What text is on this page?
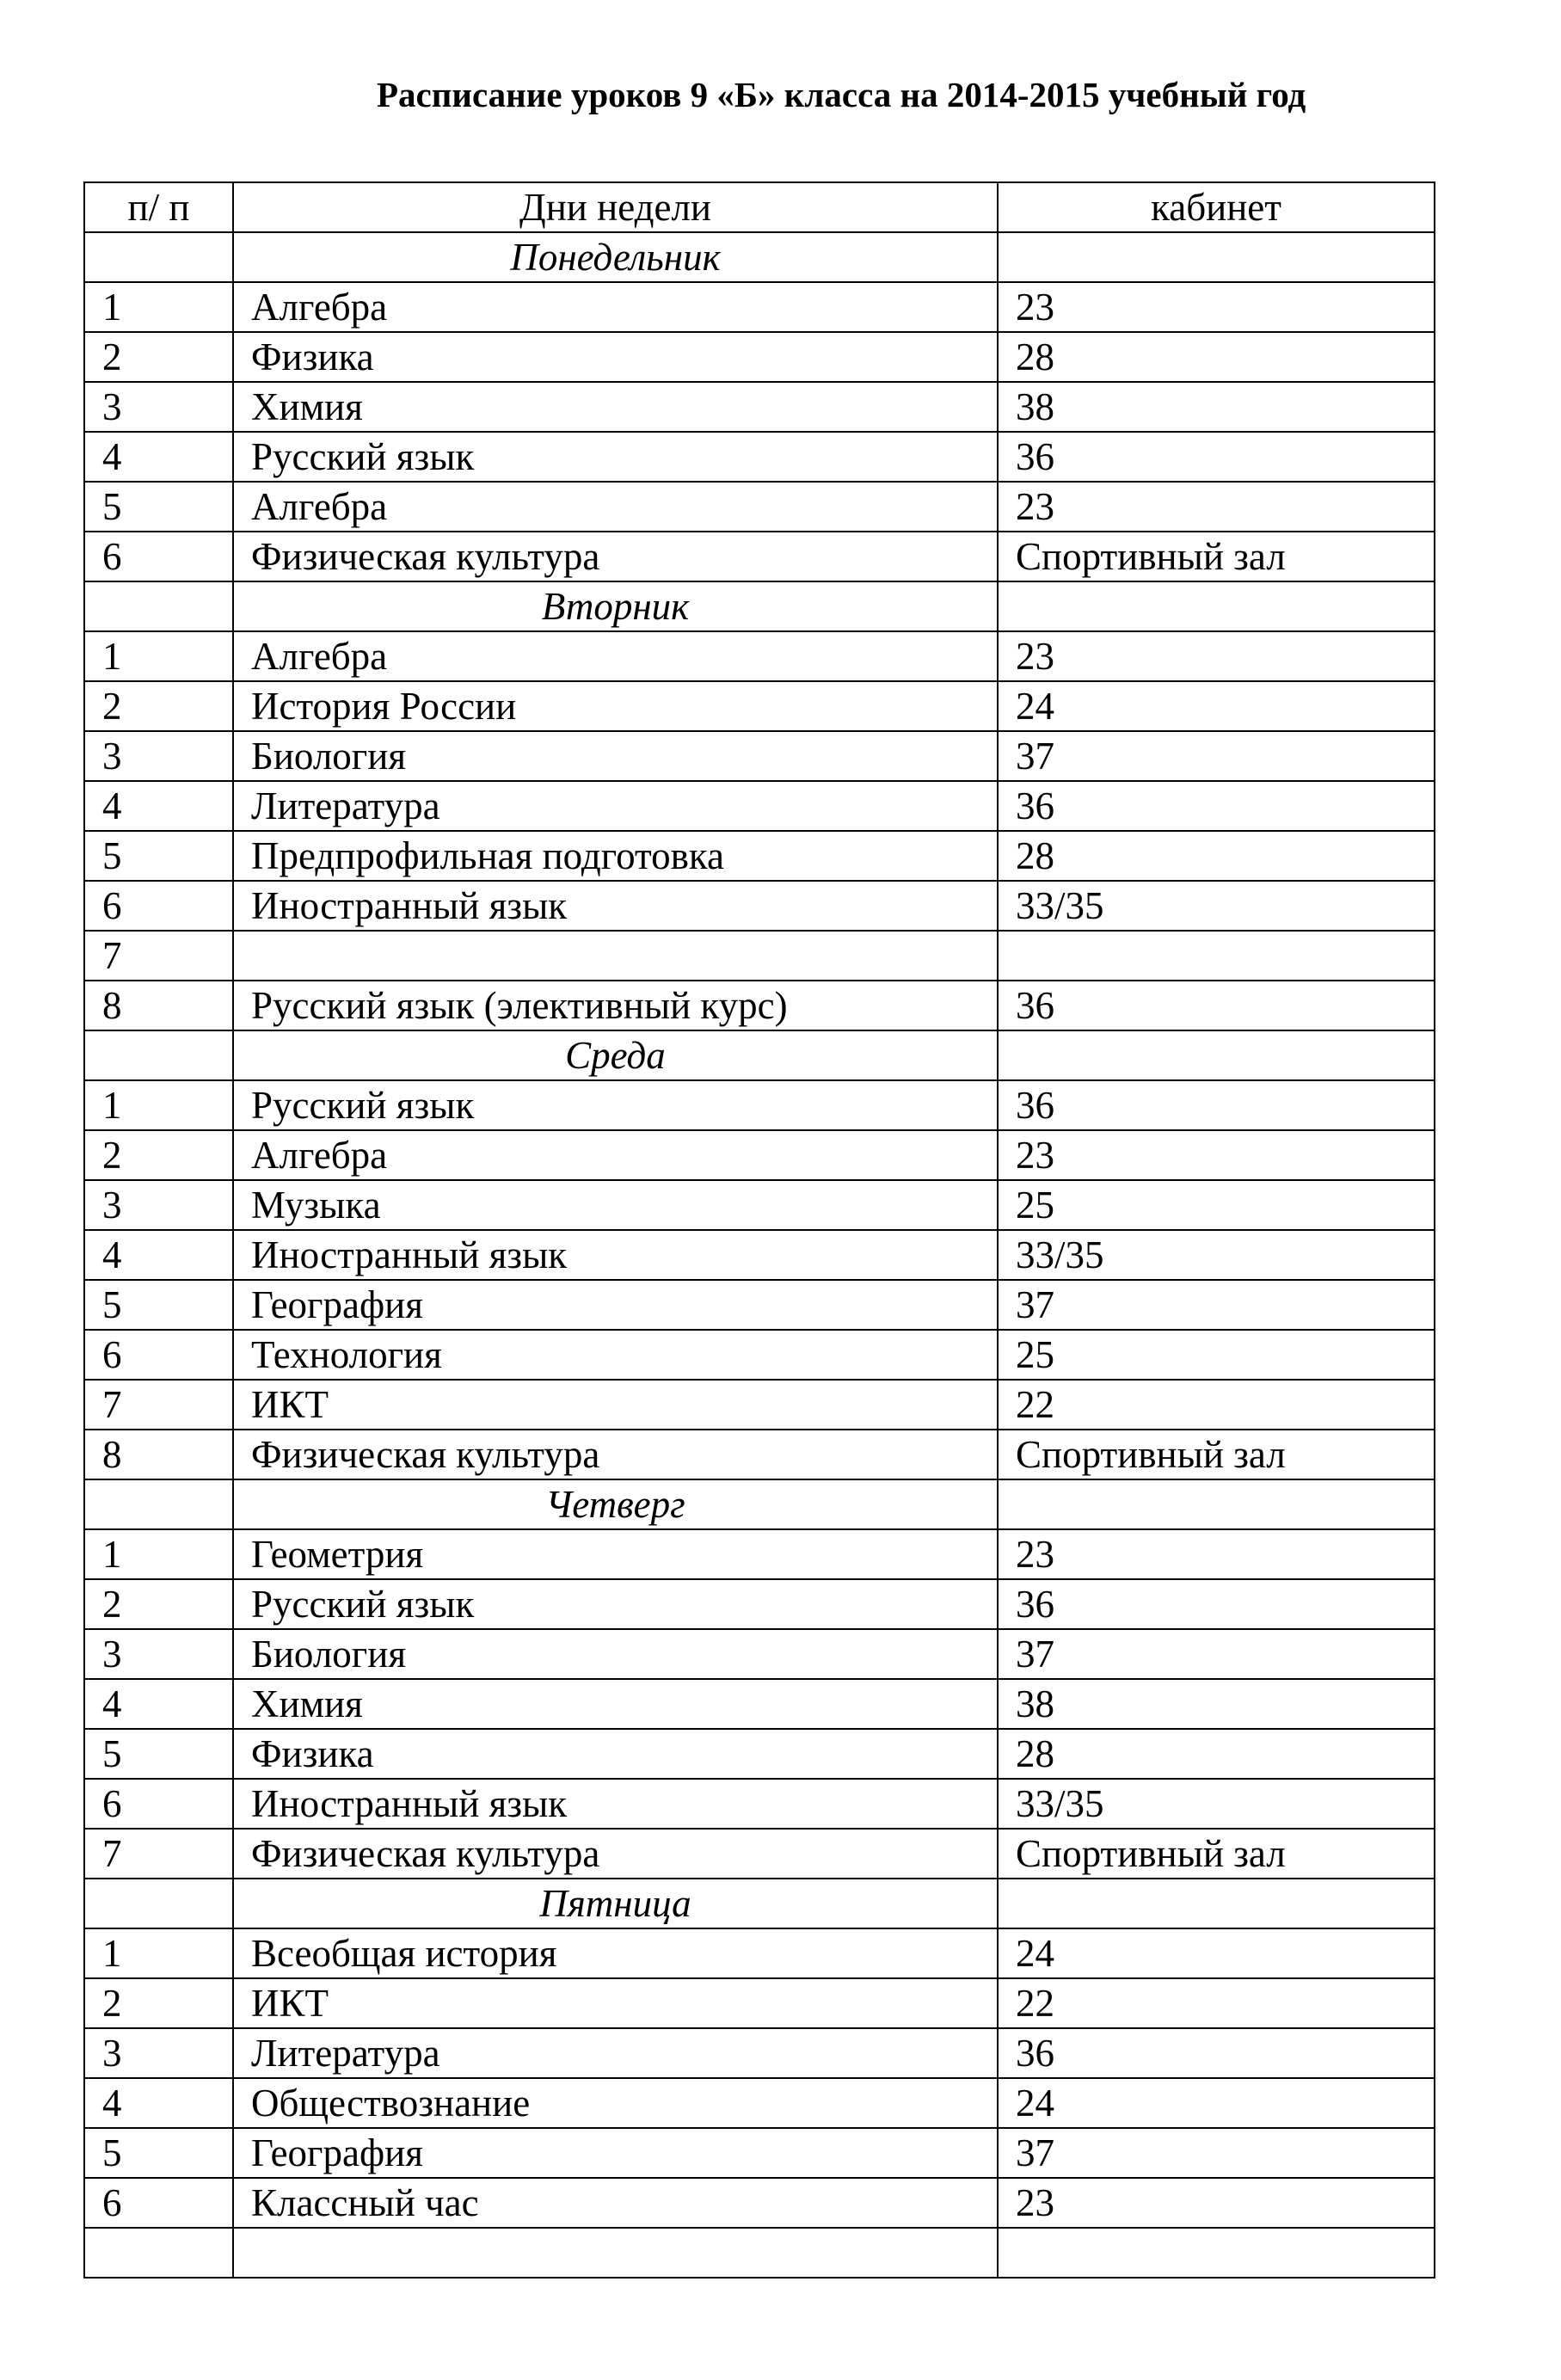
Расписание уроков 9 «Б» класса на 2014-2015 учебный год
п/ п	Дни недели	кабинет
	Понедельник	
1	Алгебра	23
2	Физика	28
3	Химия	38
4	Русский язык	36
5	Алгебра	23
6	Физическая культура	Спортивный зал
	Вторник	
1	Алгебра	23
2	История России	24
3	Биология	37
4	Литература	36
5	Предпрофильная подготовка	28
6	Иностранный язык	33/35
7		
8	Русский язык (элективный курс)	36
	Среда	
1	Русский язык	36
2	Алгебра	23
3	Музыка	25
4	Иностранный язык	33/35
5	География	37
6	Технология	25
7	ИКТ	22
8	Физическая культура	Спортивный зал
	Четверг	
1	Геометрия	23
2	Русский язык	36
3	Биология	37
4	Химия	38
5	Физика	28
6	Иностранный язык	33/35
7	Физическая культура	Спортивный зал
	Пятница	
1	Всеобщая история	24
2	ИКТ	22
3	Литература	36
4	Обществознание	24
5	География	37
6	Классный час	23
